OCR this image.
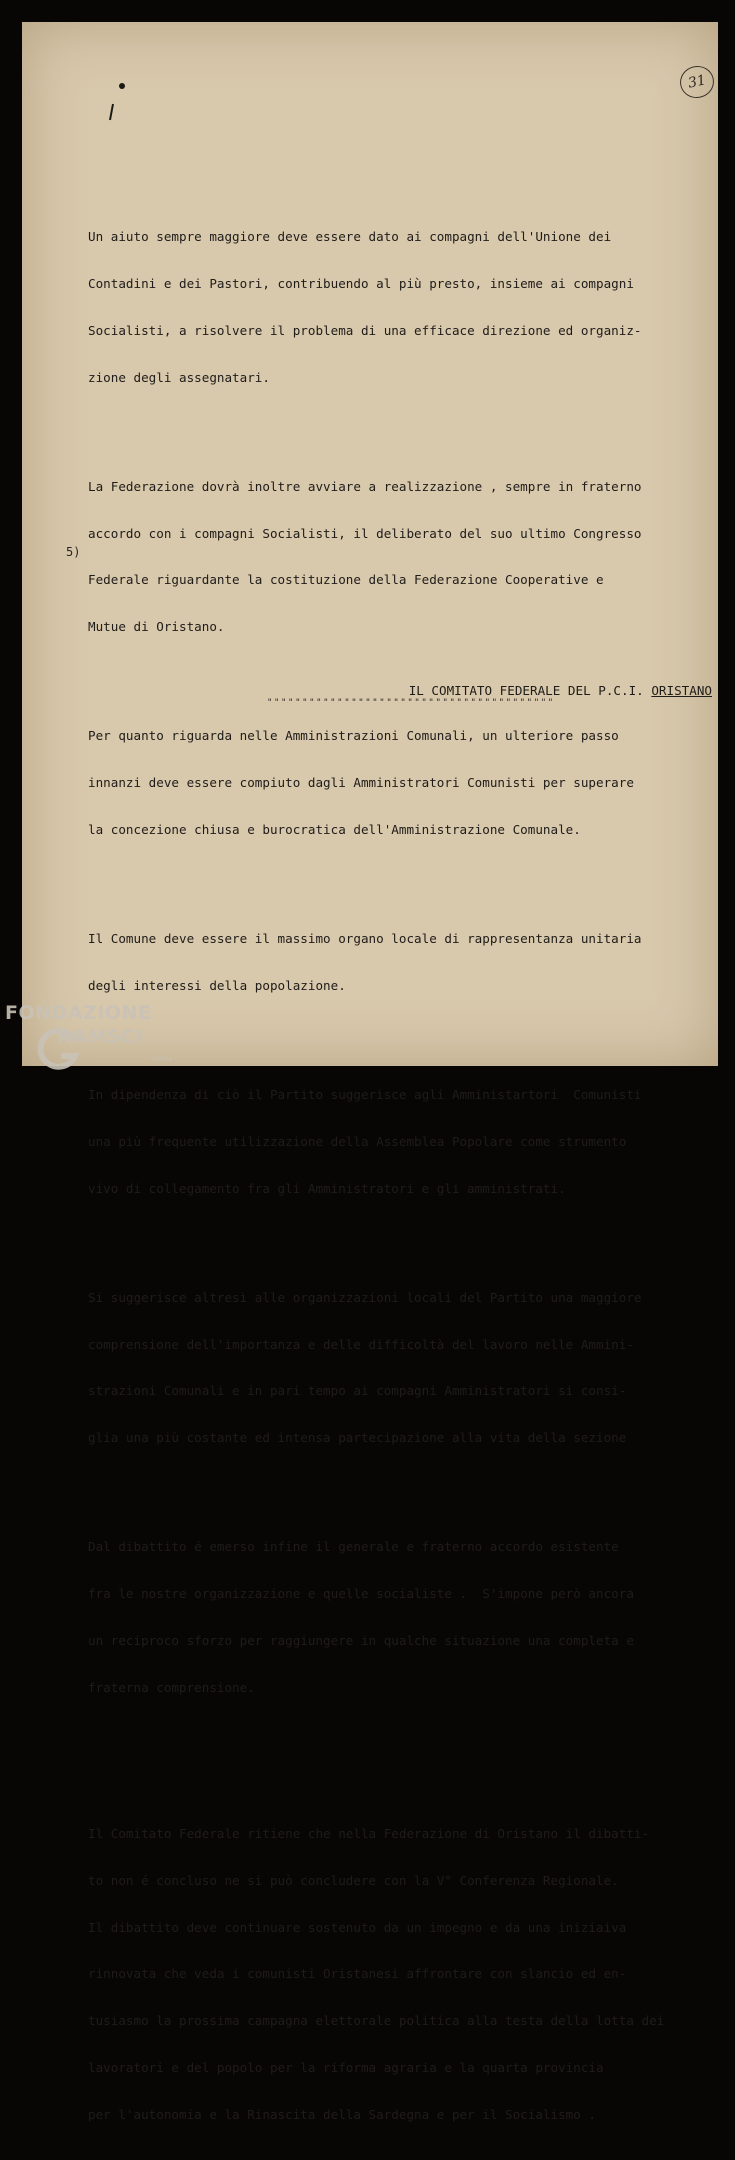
31

Un aiuto sempre maggiore deve essere dato ai compagni dell'Unione dei

Contadini e dei Pastori, contribuendo al più presto, insieme ai compagni

Socialisti, a risolvere il problema di una efficace direzione ed organiz-

zione degli assegnatari.

La Federazione dovrà inoltre avviare a realizzazione , sempre in fraterno

accordo con i compagni Socialisti, il deliberato del suo ultimo Congresso

Federale riguardante la costituzione della Federazione Cooperative e

Mutue di Oristano.

Per quanto riguarda nelle Amministrazioni Comunali, un ulteriore passo

innanzi deve essere compiuto dagli Amministratori Comunisti per superare

la concezione chiusa e burocratica dell'Amministrazione Comunale.

Il Comune deve essere il massimo organo locale di rappresentanza unitaria

degli interessi della popolazione.

In dipendenza di ciò il Partito suggerisce agli Amministartori  Comunisti

una più frequente utilizzazione della Assemblea Popolare come strumento

vivo di collegamento fra gli Amministratori e gli amministrati.

Si suggerisce altresì alle organizzazioni locali del Partito una maggiore

comprensione dell'importanza e delle difficoltà del lavoro nelle Ammini-

strazioni Comunali e in pari tempo ai compagni Amministratori si consi-

glia una più costante ed intensa partecipazione alla vita della sezione

Dal dibattito é emerso infine il generale e fraterno accordo esistente

fra le nostre organizzazione e quelle socialiste .  S'impone però ancora

un reciproco sforzo per raggiungere in qualche situazione una completa e

fraterna comprensione.

Il Comitato Federale ritiene che nella Federazione di Oristano il dibatti-

to non é concluso ne si può concludere con la V° Conferenza Regionale.

Il dibattito deve continuare sostenuto da un impegno e da una iniziaiva

rinnovata che veda i comunisti Oristanesi affrontare con slancio ed en-

tusiasmo la prossima campagna elettorale politica alla testa della lotta dei

lavoratori e del popolo per la riforma agraria e la quarta provincia

per l'autonomia e la Rinascita della Sardegna e per il Socialismo .

5)
IL COMITATO FEDERALE DEL P.C.I. ORISTANO
"""""""""""""""""""""""""""""""""""""""""
FONDAZIONE
RAMSCI
onlus
